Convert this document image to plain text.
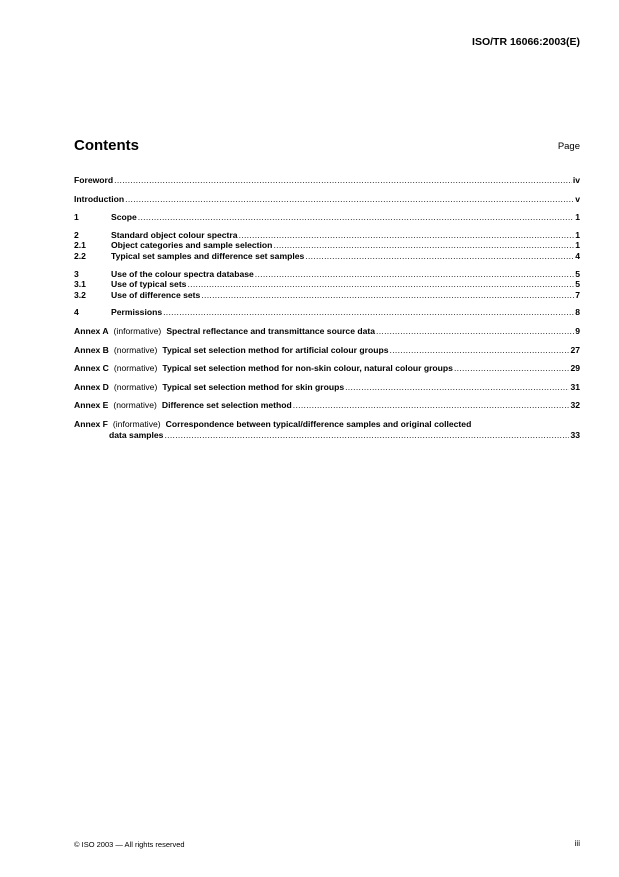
ISO/TR 16066:2003(E)
Contents	Page
Foreword .....	iv
Introduction .....	v
1	Scope .....	1
2	Standard object colour spectra .....	1
2.1	Object categories and sample selection .....	1
2.2	Typical set samples and difference set samples .....	4
3	Use of the colour spectra database .....	5
3.1	Use of typical sets .....	5
3.2	Use of difference sets .....	7
4	Permissions .....	8
Annex A (informative) Spectral reflectance and transmittance source data .....	9
Annex B (normative) Typical set selection method for artificial colour groups .....	27
Annex C (normative) Typical set selection method for non-skin colour, natural colour groups .....	29
Annex D (normative) Typical set selection method for skin groups .....	31
Annex E (normative) Difference set selection method .....	32
Annex F (informative) Correspondence between typical/difference samples and original collected
data samples .....	33
© ISO 2003 — All rights reserved	iii
